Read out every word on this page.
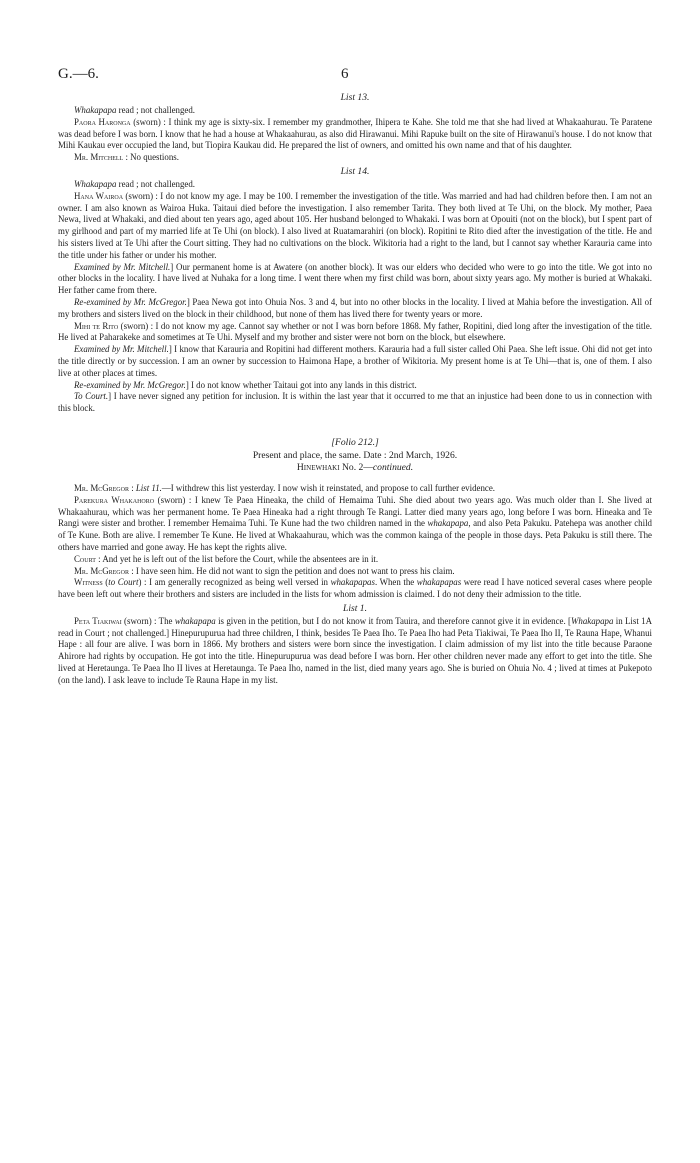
G.—6.	6
List 13.

Whakapapa read ; not challenged.

Paora Haronga (sworn) : I think my age is sixty-six. I remember my grandmother, Ihipera te Kahe. She told me that she had lived at Whakaahurau. Te Paratene was dead before I was born. I know that he had a house at Whakaahurau, as also did Hirawanui. Mihi Rapuke built on the site of Hirawanui's house. I do not know that Mihi Kaukau ever occupied the land, but Tiopira Kaukau did. He prepared the list of owners, and omitted his own name and that of his daughter.

Mr. Mitchell : No questions.

List 14.

Whakapapa read ; not challenged.

Hana Wairoa (sworn) : I do not know my age. I may be 100. I remember the investigation of the title. Was married and had had children before then. I am not an owner. I am also known as Wairoa Huka. Taitaui died before the investigation. I also remember Tarita. They both lived at Te Uhi, on the block. My mother, Paea Newa, lived at Whakaki, and died about ten years ago, aged about 105. Her husband belonged to Whakaki. I was born at Opouiti (not on the block), but I spent part of my girlhood and part of my married life at Te Uhi (on block). I also lived at Ruatamarahiri (on block). Ropitini te Rito died after the investigation of the title. He and his sisters lived at Te Uhi after the Court sitting. They had no cultivations on the block. Wikitoria had a right to the land, but I cannot say whether Karauria came into the title under his father or under his mother.

Examined by Mr. Mitchell.] Our permanent home is at Awatere (on another block). It was our elders who decided who were to go into the title. We got into no other blocks in the locality. I have lived at Nuhaka for a long time. I went there when my first child was born, about sixty years ago. My mother is buried at Whakaki. Her father came from there.

Re-examined by Mr. McGregor.] Paea Newa got into Ohuia Nos. 3 and 4, but into no other blocks in the locality. I lived at Mahia before the investigation. All of my brothers and sisters lived on the block in their childhood, but none of them has lived there for twenty years or more.

Mihi te Rito (sworn) : I do not know my age. Cannot say whether or not I was born before 1868. My father, Ropitini, died long after the investigation of the title. He lived at Paharakeke and sometimes at Te Uhi. Myself and my brother and sister were not born on the block, but elsewhere.

Examined by Mr. Mitchell.] I know that Karauria and Ropitini had different mothers. Karauria had a full sister called Ohi Paea. She left issue. Ohi did not get into the title directly or by succession. I am an owner by succession to Haimona Hape, a brother of Wikitoria. My present home is at Te Uhi—that is, one of them. I also live at other places at times.

Re-examined by Mr. McGregor.] I do not know whether Taitaui got into any lands in this district.

To Court.] I have never signed any petition for inclusion. It is within the last year that it occurred to me that an injustice had been done to us in connection with this block.

[Folio 212.]
Present and place, the same. Date : 2nd March, 1926.
Hinewhaki No. 2—continued.

Mr. McGregor : List 11.—I withdrew this list yesterday. I now wish it reinstated, and propose to call further evidence.

Parekura Whakahoro (sworn) : I knew Te Paea Hineaka, the child of Hemaima Tuhi. She died about two years ago. Was much older than I. She lived at Whakaahurau, which was her permanent home. Te Paea Hineaka had a right through Te Rangi. Latter died many years ago, long before I was born. Hineaka and Te Rangi were sister and brother. I remember Hemaima Tuhi. Te Kune had the two children named in the whakapapa, and also Peta Pakuku. Patehepa was another child of Te Kune. Both are alive. I remember Te Kune. He lived at Whakaahurau, which was the common kainga of the people in those days. Peta Pakuku is still there. The others have married and gone away. He has kept the rights alive.

Court : And yet he is left out of the list before the Court, while the absentees are in it.

Mr. McGregor : I have seen him. He did not want to sign the petition and does not want to press his claim.

Witness (to Court) : I am generally recognized as being well versed in whakapapas. When the whakapapas were read I have noticed several cases where people have been left out where their brothers and sisters are included in the lists for whom admission is claimed. I do not deny their admission to the title.

List 1.

Peta Tiakiwai (sworn) : The whakapapa is given in the petition, but I do not know it from Tauira, and therefore cannot give it in evidence. [Whakapapa in List 1A read in Court ; not challenged.] Hinepurupurua had three children, I think, besides Te Paea Iho. Te Paea Iho had Peta Tiakiwai, Te Paea Iho II, Te Rauna Hape, Whanui Hape : all four are alive. I was born in 1866. My brothers and sisters were born since the investigation. I claim admission of my list into the title because Paraone Ahirore had rights by occupation. He got into the title. Hinepurupurua was dead before I was born. Her other children never made any effort to get into the title. She lived at Heretaunga. Te Paea Iho II lives at Heretaunga. Te Paea Iho, named in the list, died many years ago. She is buried on Ohuia No. 4 ; lived at times at Pukepoto (on the land). I ask leave to include Te Rauna Hape in my list.
